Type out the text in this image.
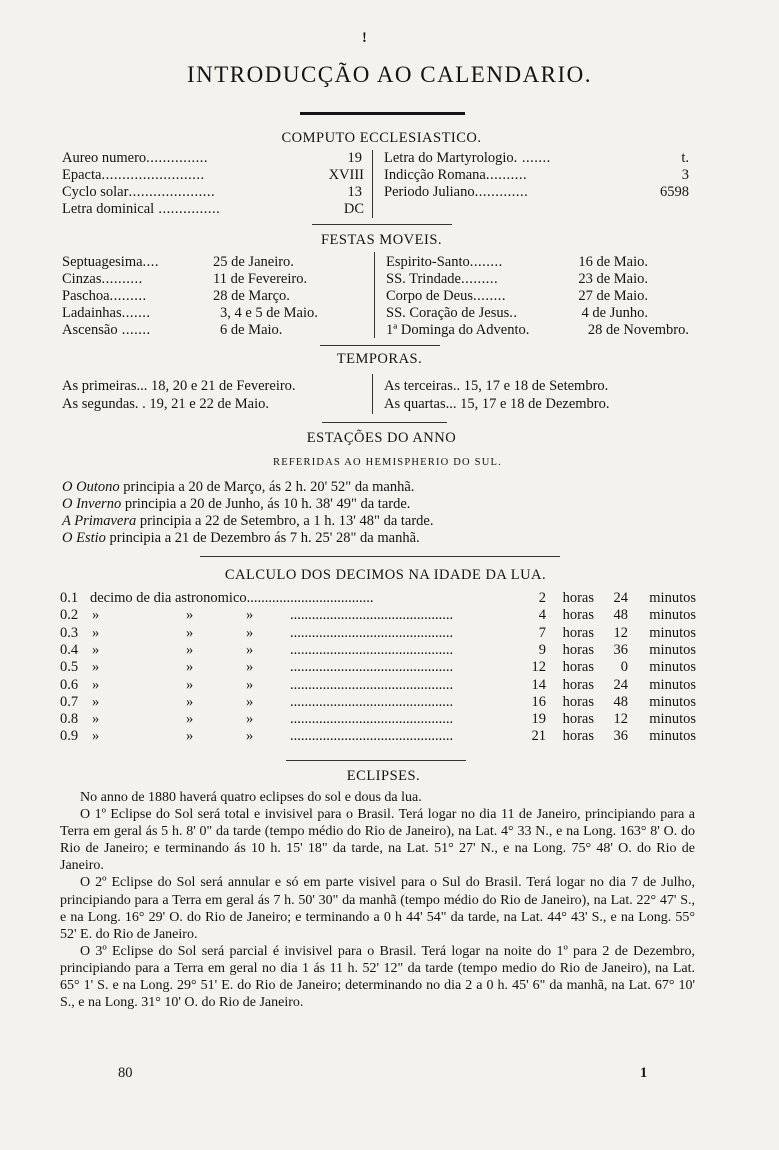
!
INTRODUCÇÃO AO CALENDARIO.
COMPUTO ECCLESIASTICO.
Aureo numero...............	19
Epacta.........................	XVIII
Cyclo solar.....................	13
Letra dominical ...............	DC
Letra do Martyrologio. .......	t.
Indicção Romana..........	3
Periodo Juliano.............	6598
FESTAS MOVEIS.
Septuagesima....	25 de Janeiro.
Cinzas..........	11 de Fevereiro.
Paschoa.........	28 de Março.
Ladainhas.......	3, 4 e 5 de Maio.
Ascensão .......	6 de Maio.
Espirito-Santo........	16 de Maio.
SS. Trindade.........	23 de Maio.
Corpo de Deus........	27 de Maio.
SS. Coração de Jesus..	4 de Junho.
1ª Dominga do Advento.	28 de Novembro.
TEMPORAS.
As primeiras... 18, 20 e 21 de Fevereiro.
As segundas. . 19, 21 e 22 de Maio.
As terceiras.. 15, 17 e 18 de Setembro.
As quartas... 15, 17 e 18 de Dezembro.
ESTAÇÕES DO ANNO
REFERIDAS AO HEMISPHERIO DO SUL.
O Outono principia a 20 de Março, ás 2 h. 20' 52" da manhã.
O Inverno principia a 20 de Junho, ás 10 h. 38' 49" da tarde.
A Primavera principia a 22 de Setembro, a 1 h. 13' 48" da tarde.
O Estio principia a 21 de Dezembro ás 7 h. 25' 28" da manhã.
CALCULO DOS DECIMOS NA IDADE DA LUA.
0.1 decimo de dia astronomico...................................	2 horas 24 minutos
0.2 »	»	»	.............................................	4 horas 48 minutos
0.3 »	»	»	.............................................	7 horas 12 minutos
0.4 »	»	»	.............................................	9 horas 36 minutos
0.5 »	»	»	.............................................	12 horas 0 minutos
0.6 »	»	»	.............................................	14 horas 24 minutos
0.7 »	»	»	.............................................	16 horas 48 minutos
0.8 »	»	»	.............................................	19 horas 12 minutos
0.9 »	»	»	.............................................	21 horas 36 minutos
ECLIPSES.

No anno de 1880 haverá quatro eclipses do sol e dous da lua.

O 1º Eclipse do Sol será total e invisivel para o Brasil. Terá logar no dia 11 de Janeiro, principiando para a Terra em geral ás 5 h. 8' 0" da tarde (tempo médio do Rio de Janeiro), na Lat. 4° 33 N., e na Long. 163° 8' O. do Rio de Janeiro; e terminando ás 10 h. 15' 18" da tarde, na Lat. 51° 27' N., e na Long. 75° 48' O. do Rio de Janeiro.

O 2º Eclipse do Sol será annular e só em parte visivel para o Sul do Brasil. Terá logar no dia 7 de Julho, principiando para a Terra em geral ás 7 h. 50' 30" da manhã (tempo médio do Rio de Janeiro), na Lat. 22° 47' S., e na Long. 16° 29' O. do Rio de Janeiro; e terminando a 0 h 44' 54" da tarde, na Lat. 44° 43' S., e na Long. 55° 52' E. do Rio de Janeiro.

O 3º Eclipse do Sol será parcial é invisivel para o Brasil. Terá logar na noite do 1º para 2 de Dezembro, principiando para a Terra em geral no dia 1 ás 11 h. 52' 12" da tarde (tempo medio do Rio de Janeiro), na Lat. 65° 1' S. e na Long. 29° 51' E. do Rio de Janeiro; determinando no dia 2 a 0 h. 45' 6" da manhã, na Lat. 67° 10' S., e na Long. 31° 10' O. do Rio de Janeiro.

80	1
